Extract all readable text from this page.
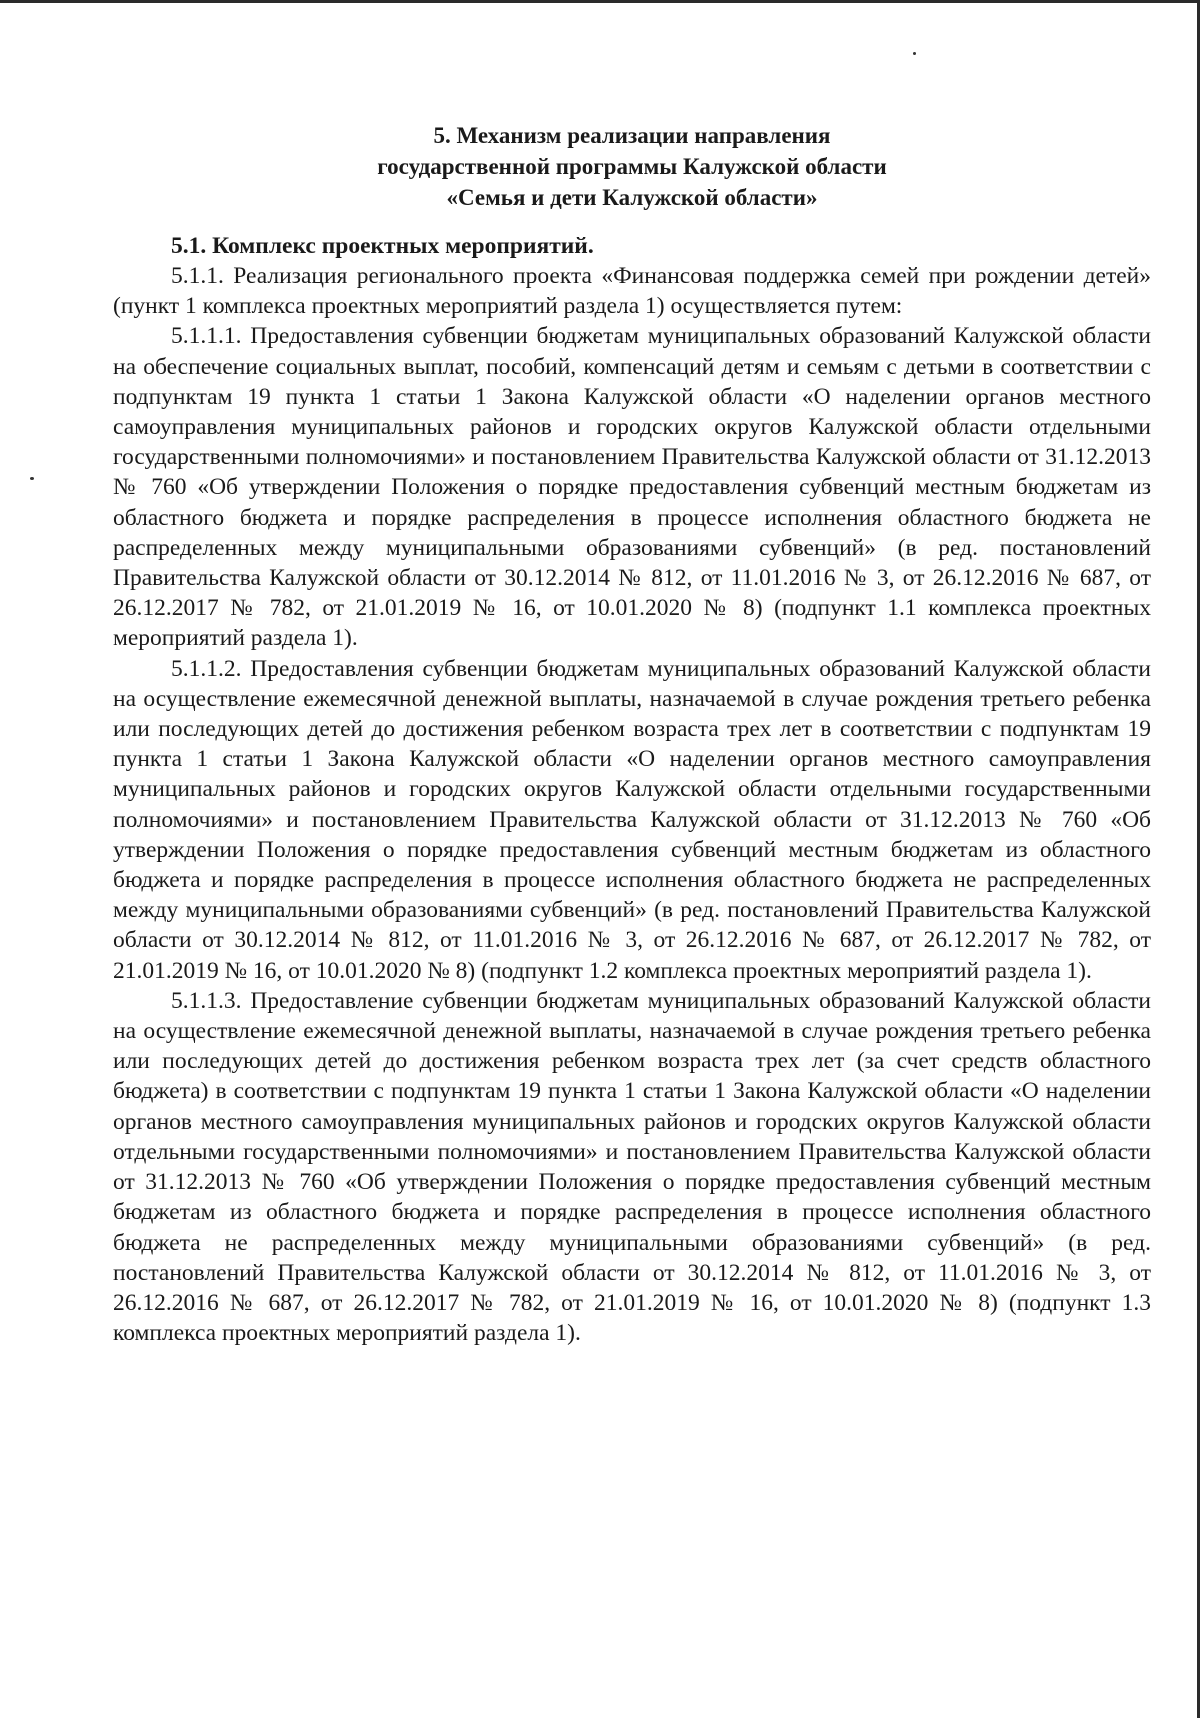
5. Механизм реализации направления
государственной программы Калужской области
«Семья и дети Калужской области»
5.1. Комплекс проектных мероприятий.

5.1.1. Реализация регионального проекта «Финансовая поддержка семей при рождении детей» (пункт 1 комплекса проектных мероприятий раздела 1) осуществляется путем:

5.1.1.1. Предоставления субвенции бюджетам муниципальных образований Калужской области на обеспечение социальных выплат, пособий, компенсаций детям и семьям с детьми в соответствии с подпунктам 19 пункта 1 статьи 1 Закона Калужской области «О наделении органов местного самоуправления муниципальных районов и городских округов Калужской области отдельными государственными полномочиями» и постановлением Правительства Калужской области от 31.12.2013 № 760 «Об утверждении Положения о порядке предоставления субвенций местным бюджетам из областного бюджета и порядке распределения в процессе исполнения областного бюджета не распределенных между муниципальными образованиями субвенций» (в ред. постановлений Правительства Калужской области от 30.12.2014 № 812, от 11.01.2016 № 3, от 26.12.2016 № 687, от 26.12.2017 № 782, от 21.01.2019 № 16, от 10.01.2020 № 8) (подпункт 1.1 комплекса проектных мероприятий раздела 1).

5.1.1.2. Предоставления субвенции бюджетам муниципальных образований Калужской области на осуществление ежемесячной денежной выплаты, назначаемой в случае рождения третьего ребенка или последующих детей до достижения ребенком возраста трех лет в соответствии с подпунктам 19 пункта 1 статьи 1 Закона Калужской области «О наделении органов местного самоуправления муниципальных районов и городских округов Калужской области отдельными государственными полномочиями» и постановлением Правительства Калужской области от 31.12.2013 № 760 «Об утверждении Положения о порядке предоставления субвенций местным бюджетам из областного бюджета и порядке распределения в процессе исполнения областного бюджета не распределенных между муниципальными образованиями субвенций» (в ред. постановлений Правительства Калужской области от 30.12.2014 № 812, от 11.01.2016 № 3, от 26.12.2016 № 687, от 26.12.2017 № 782, от 21.01.2019 № 16, от 10.01.2020 № 8) (подпункт 1.2 комплекса проектных мероприятий раздела 1).

5.1.1.3. Предоставление субвенции бюджетам муниципальных образований Калужской области на осуществление ежемесячной денежной выплаты, назначаемой в случае рождения третьего ребенка или последующих детей до достижения ребенком возраста трех лет (за счет средств областного бюджета) в соответствии с подпунктам 19 пункта 1 статьи 1 Закона Калужской области «О наделении органов местного самоуправления муниципальных районов и городских округов Калужской области отдельными государственными полномочиями» и постановлением Правительства Калужской области от 31.12.2013 № 760 «Об утверждении Положения о порядке предоставления субвенций местным бюджетам из областного бюджета и порядке распределения в процессе исполнения областного бюджета не распределенных между муниципальными образованиями субвенций» (в ред. постановлений Правительства Калужской области от 30.12.2014 № 812, от 11.01.2016 № 3, от 26.12.2016 № 687, от 26.12.2017 № 782, от 21.01.2019 № 16, от 10.01.2020 № 8) (подпункт 1.3 комплекса проектных мероприятий раздела 1).
